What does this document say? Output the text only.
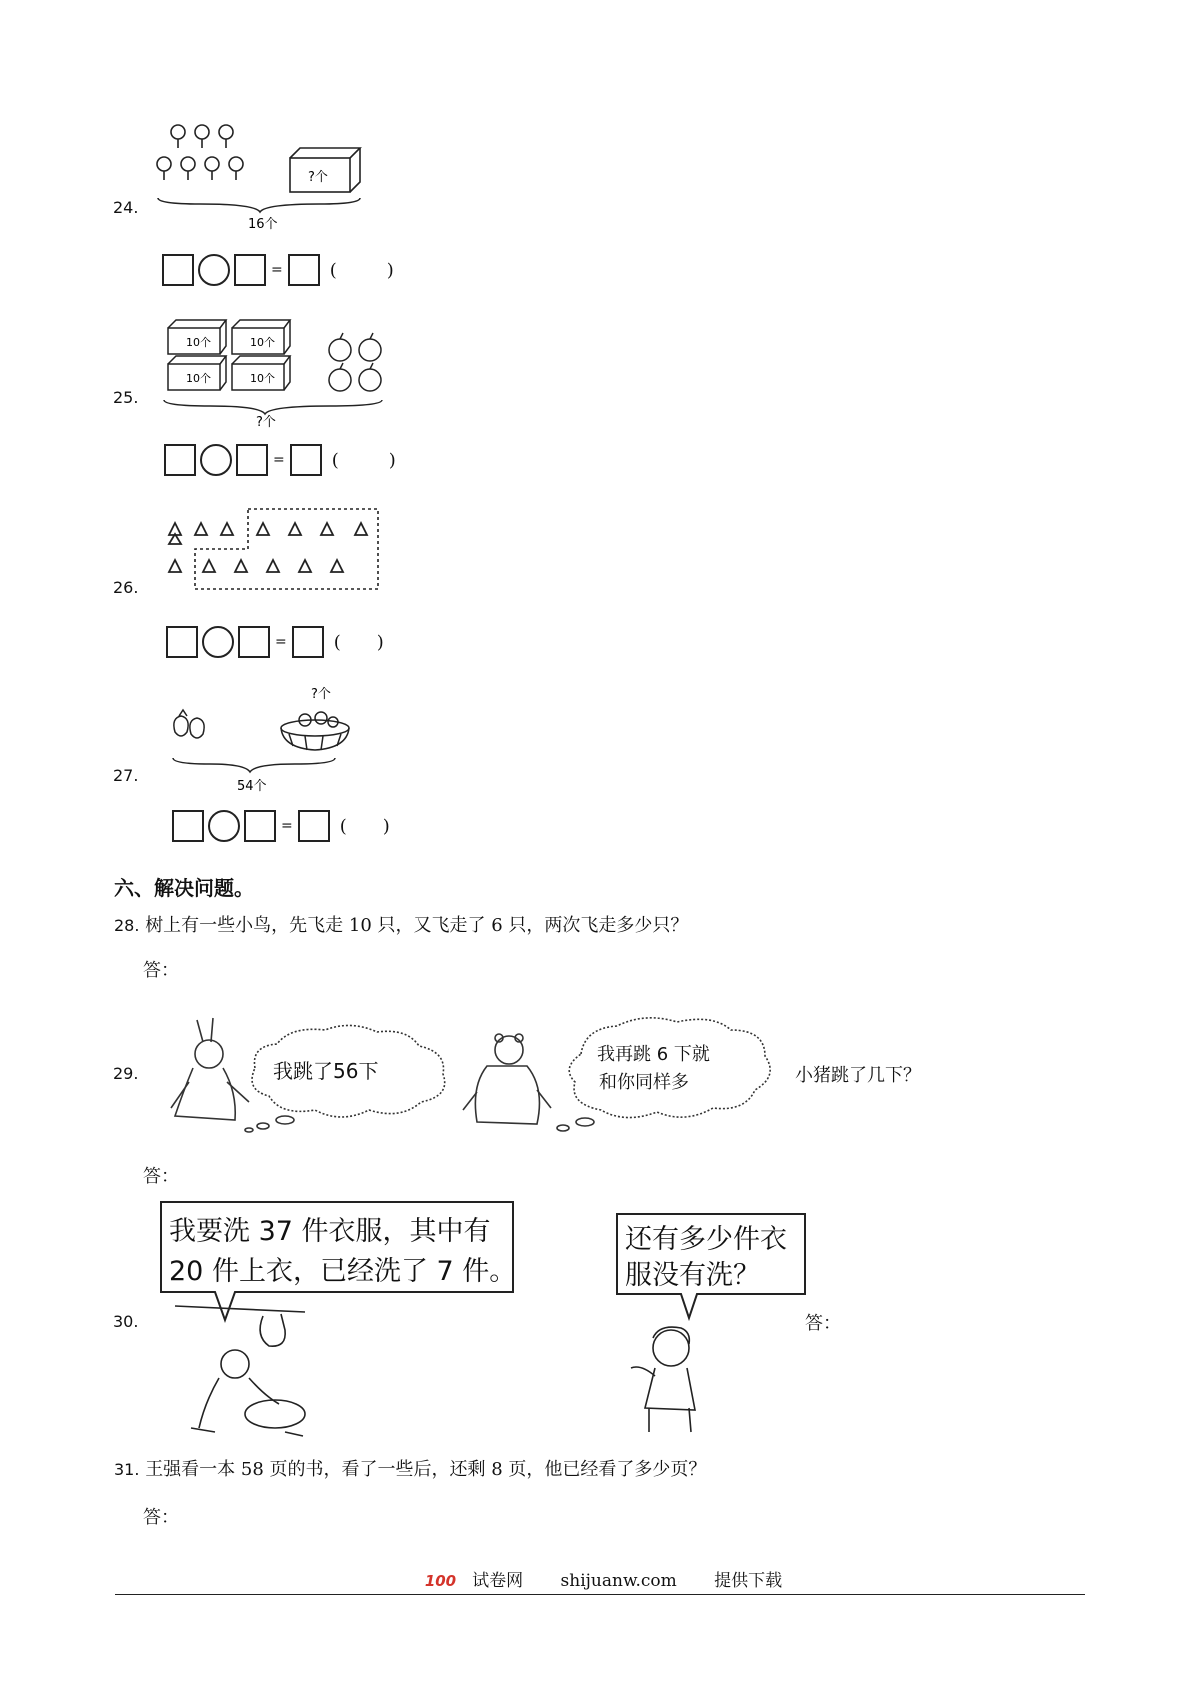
24.
?个
16个
=	( )
25.
10个	10个
10个	10个
?个
=	( )
26.
=	( )
27.
?个
54个
=	( )
六、解决问题。
28. 树上有一些小鸟，先飞走 10 只，又飞走了 6 只，两次飞走多少只？
答：
29.	我跳了56下
我再跳 6 下就
和你同样多	小猪跳了几下？
答：
30.
我要洗 37 件衣服，其中有
20 件上衣，已经洗了 7 件。
还有多少件衣
服没有洗？
答：
31. 王强看一本 58 页的书，看了一些后，还剩 8 页，他已经看了多少页？
答：
100 试卷网 shijuanw.com 提供下载
